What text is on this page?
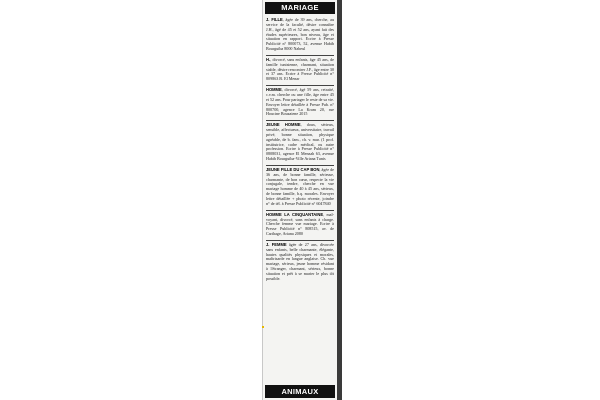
MARIAGE
J. FILLE, âgée de 39 ans, cherche, au service de la faculté, désire connaître J.H., âgé de 45 et 52 ans, ayant fait des études supérieures, bon niveau, âge et situation en rapport. Ecrire à Presse Publicité n° 800073, 52, avenue Habib Bourguiba 8000 Nabeul
H., divorcé, sans enfants, âge 45 ans, de famille tunisienne, charmant, situation stable, désire rencontrer J.F., âge entre 30 et 37 ans. Ecrire à Presse Publicité n° 809863 B. El Menar
HOMME, divorcé, âgé 59 ans, retraité, c.v.m. cherche ou une fille, âge entre 45 et 52 ans. Pour partager le reste de sa vie. Envoyer lettre détaillée à Presse Pub. n° 800700, agence La Kram 20, rue Houcine Bouzaiene 2015
JEUNE HOMME, doux, sérieux, sensible, affectueux, universitaire, travail privé, bonne situation, physique agréable, de b. fam., ch. v. mar. (1 prof. institutrice, cadre médical, ou autre profession. Ecrire à Presse Publicité n° 0808031, agence El Menzah 63, avenue Habib Bourguiba-Ville Ariana Tunis
JEUNE FILLE DU CAP BON, âgée de 36 ans, de bonne famille, sérieuse, charmante, de bon cœur, respecte la vie conjugale, tendre, cherche en vue mariage homme de 40 à 45 ans, sérieux, de bonne famille, b.q. morales. Envoyer lettre détaillée + photo récente, joindre n° de tél. à Presse Publicité n° 6047840
HOMME LA CINQUANTAINE, mal-voyant, divorcé, sans enfants à charge. Cherche femme vue mariage. Ecrire à Presse Publicité n° 808515, av. de Carthage, Ariana 2080
J. FEMME âgée de 27 ans, divorcée sans enfants, belle charmante, élégante, hautes qualités physiques et morales, maîtrisarde en langue anglaise. Ch. vue mariage, sérieux, jeune homme résidant à l'étranger, charmant, sérieux, bonne situation et prêt à se marier le plus tôt possible.
ANIMAUX
